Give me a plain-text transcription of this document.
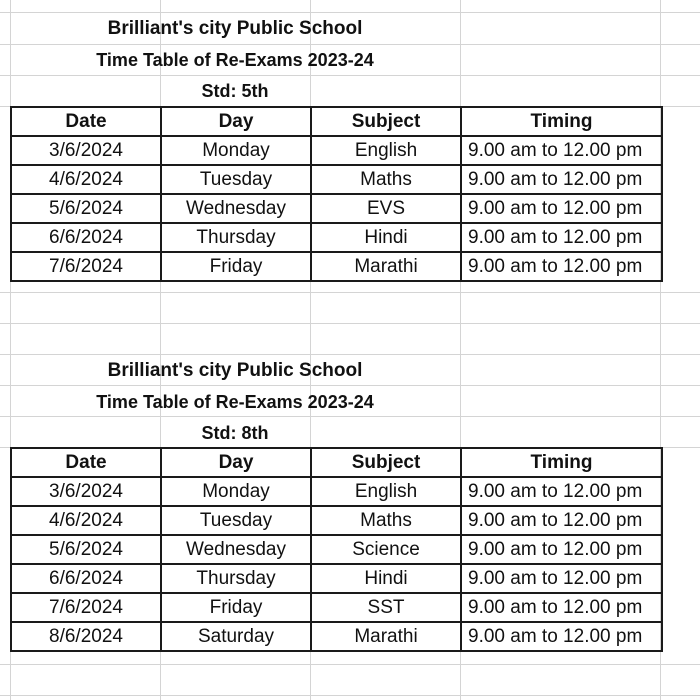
Brilliant's city Public School
Time Table of Re-Exams 2023-24
Std: 5th
Date	Day	Subject	Timing
3/6/2024	Monday	English	9.00 am to 12.00 pm
4/6/2024	Tuesday	Maths	9.00 am to 12.00 pm
5/6/2024	Wednesday	EVS	9.00 am to 12.00 pm
6/6/2024	Thursday	Hindi	9.00 am to 12.00 pm
7/6/2024	Friday	Marathi	9.00 am to 12.00 pm
Brilliant's city Public School
Time Table of Re-Exams 2023-24
Std: 8th
Date	Day	Subject	Timing
3/6/2024	Monday	English	9.00 am to 12.00 pm
4/6/2024	Tuesday	Maths	9.00 am to 12.00 pm
5/6/2024	Wednesday	Science	9.00 am to 12.00 pm
6/6/2024	Thursday	Hindi	9.00 am to 12.00 pm
7/6/2024	Friday	SST	9.00 am to 12.00 pm
8/6/2024	Saturday	Marathi	9.00 am to 12.00 pm
